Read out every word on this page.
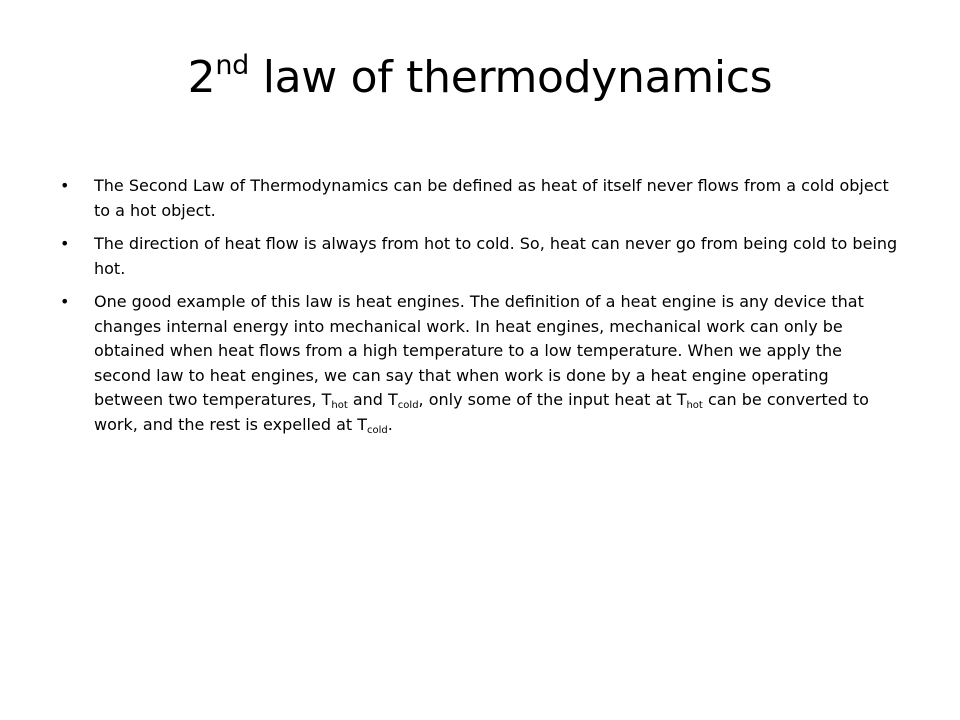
2nd law of thermodynamics
• The Second Law of Thermodynamics can be defined as heat of itself never flows from a cold object to a hot object.
• The direction of heat flow is always from hot to cold. So, heat can never go from being cold to being hot.
• One good example of this law is heat engines. The definition of a heat engine is any device that changes internal energy into mechanical work. In heat engines, mechanical work can only be obtained when heat flows from a high temperature to a low temperature. When we apply the second law to heat engines, we can say that when work is done by a heat engine operating between two temperatures, $T_{hot}$ and $T_{cold}$, only some of the input heat at $T_{hot}$ can be converted to work, and the rest is expelled at $T_{cold}$.
